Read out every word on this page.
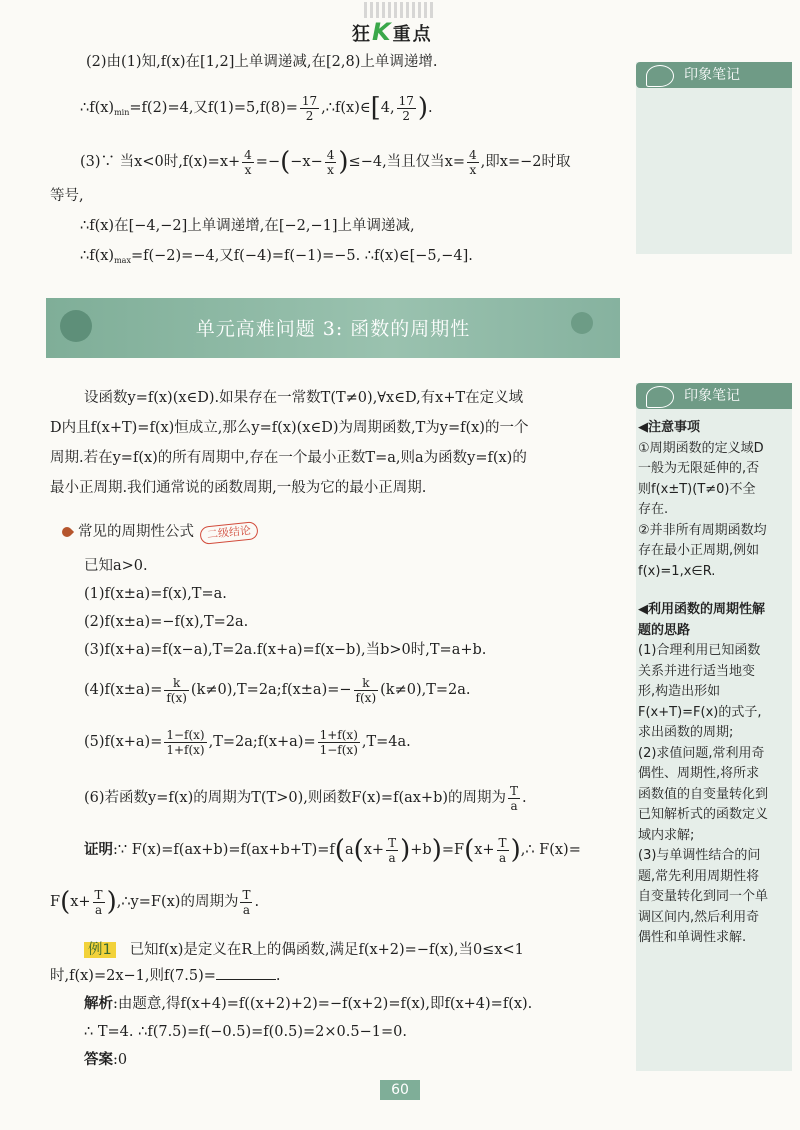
狂K重点
印象笔记
(2)由(1)知,f(x)在[1,2]上单调递减,在[2,8)上单调递增.
$\therefore f(x)_{min}=f(2)=4$,又$f(1)=5,f(8)= \frac{17}{2}$ ,∴f(x)∈[4, $\frac{17}{2}$ ).
(3)∵ 当x<0时$,f(x)=x+ \frac{4}{x} =-(-x- \frac{4}{x} )\le-4$,当且仅当$x= \frac{4}{x}$ ,即x=−2时取
等号,
∴f(x)在[−4,−2]上单调递增,在[−2,−1]上单调递减,
$\therefore f(x)_{max}=f(-2)=-4$,又f(−4)=f(−1)=−5. ∴f(x)∈[−5,−4].
单元高难问题 3: 函数的周期性
印象笔记
◀注意事项
①周期函数的定义域D一般为无限延伸的,否则f(x±T)(T≠0)不全存在.
②并非所有周期函数均存在最小正周期,例如f(x)=1,x∈R.
◀利用函数的周期性解题的思路
(1)合理利用已知函数关系并进行适当地变形,构造出形如F(x+T)=F(x)的式子,求出函数的周期;
(2)求值问题,常利用奇偶性、周期性,将所求函数值的自变量转化到已知解析式的函数定义域内求解;
(3)与单调性结合的问题,常先利用周期性将自变量转化到同一个单调区间内,然后利用奇偶性和单调性求解.
设函数y=f(x)(x∈D).如果存在一常数T(T≠0),∀x∈D,有x+T在定义域
D内且f(x+T)=f(x)恒成立,那么y=f(x)(x∈D)为周期函数,T为y=f(x)的一个
周期.若在y=f(x)的所有周期中,存在一个最小正数T=a,则a为函数y=f(x)的
最小正周期.我们通常说的函数周期,一般为它的最小正周期.
常见的周期性公式 二级结论
已知a>0.
(1)f(x±a)=f(x),T=a.
(2)f(x±a)=−f(x),T=2a.
(3)f(x+a)=f(x−a),T=2a.f(x+a)=f(x−b),当b>0时,T=a+b.
$(4)f(x\pm a)= \frac{k}{f(x)}$ (k≠0),T=2a;f(x±a)=− $\frac{k}{f(x)} (k\ne 0),T=2a$.
$(5)f(x+a)= \frac{1-f(x)}{1+f(x)}$ ,T=2a;f(x+a)= $\frac{1+f(x)}{1-f(x)} ,T=4a$.
(6)若函数y=f(x)的周期为T(T>0),则函数F(x)=f(ax+b)的周期为 $\frac{T}{a}$ .
证明:∵ $F(x)=f(ax+b)=f(ax+b+T)=f(a(x+ \frac{T}{a} )+b)=F(x+ \frac{T}{a}$ ),∴ F(x)=
$F(x+ \frac{T}{a}$ ),∴y=F(x)的周期为 $\frac{T}{a}$ .
例1 已知f(x)是定义在R上的偶函数,满足f(x+2)=−f(x),当0≤x<1
时,f(x)=2x−1,则f(7.5)=	.
解析:由题意,得f(x+4)=f((x+2)+2)=−f(x+2)=f(x),即f(x+4)=f(x).
∴ T=4. ∴f(7.5)=f(−0.5)=f(0.5)=2×0.5−1=0.
答案:0
60
